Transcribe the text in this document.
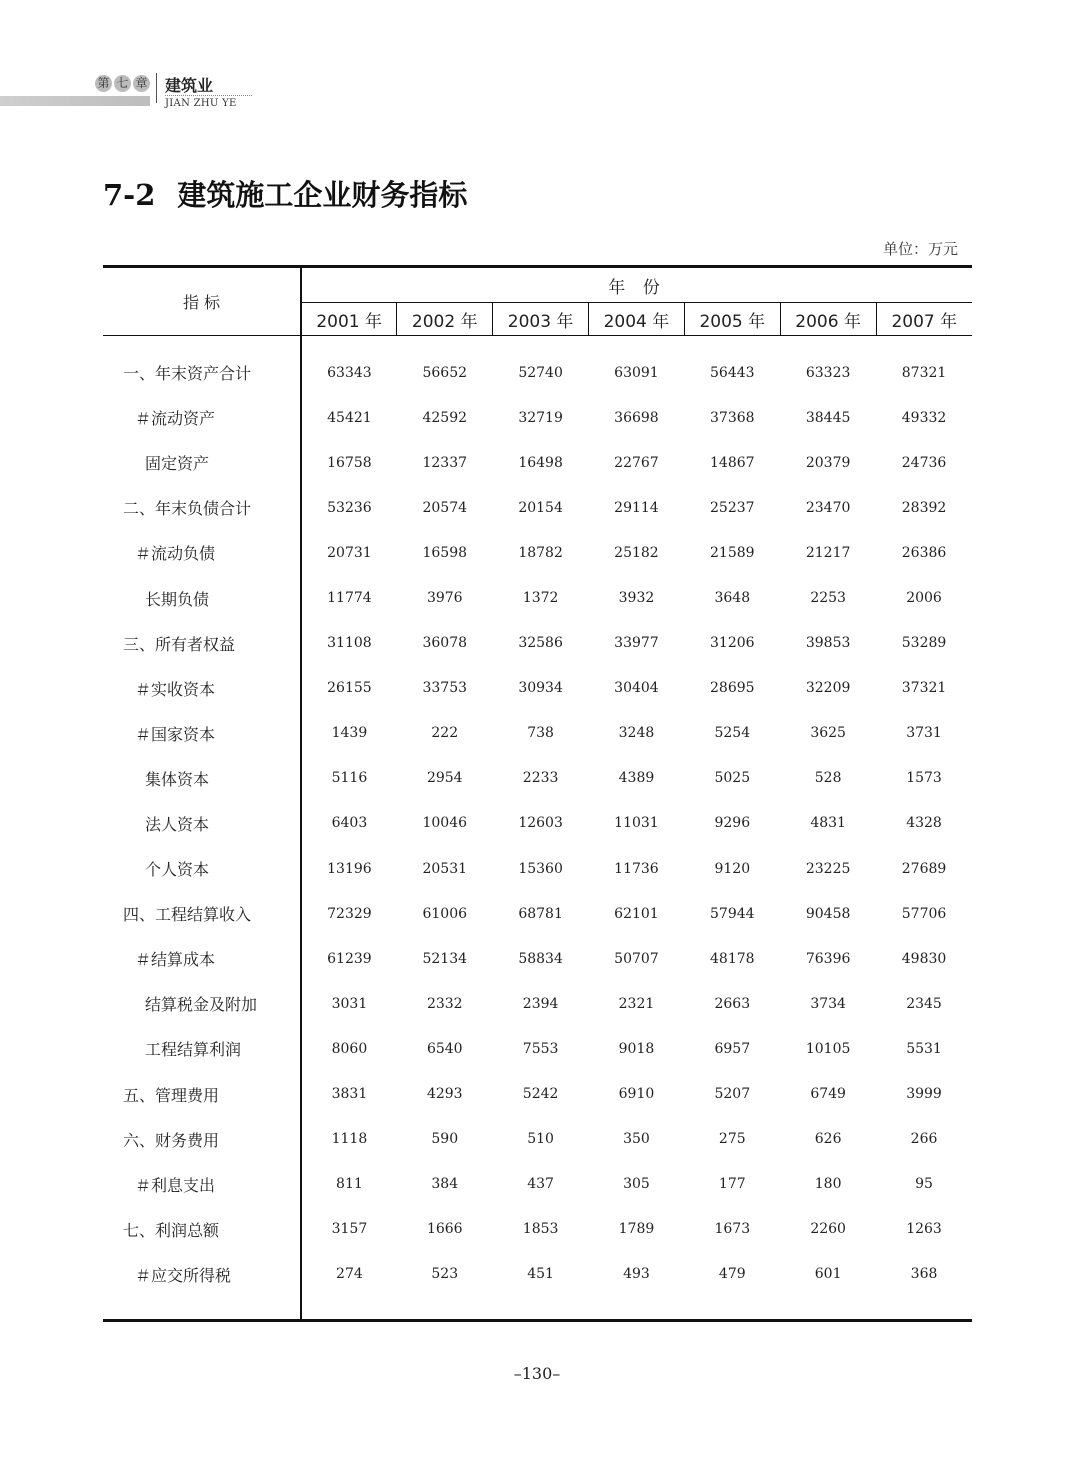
第 七 章 建筑业
JIAN ZHU YE
7-2 建筑施工企业财务指标
单位：万元
指 标	年 份						
	2001 年	2002 年	2003 年	2004 年	2005 年	2006 年	2007 年
一、年末资产合计	63343	56652	52740	63091	56443	63323	87321
＃流动资产	45421	42592	32719	36698	37368	38445	49332
固定资产	16758	12337	16498	22767	14867	20379	24736
二、年末负债合计	53236	20574	20154	29114	25237	23470	28392
＃流动负债	20731	16598	18782	25182	21589	21217	26386
长期负债	11774	3976	1372	3932	3648	2253	2006
三、所有者权益	31108	36078	32586	33977	31206	39853	53289
＃实收资本	26155	33753	30934	30404	28695	32209	37321
＃国家资本	1439	222	738	3248	5254	3625	3731
集体资本	5116	2954	2233	4389	5025	528	1573
法人资本	6403	10046	12603	11031	9296	4831	4328
个人资本	13196	20531	15360	11736	9120	23225	27689
四、工程结算收入	72329	61006	68781	62101	57944	90458	57706
＃结算成本	61239	52134	58834	50707	48178	76396	49830
结算税金及附加	3031	2332	2394	2321	2663	3734	2345
工程结算利润	8060	6540	7553	9018	6957	10105	5531
五、管理费用	3831	4293	5242	6910	5207	6749	3999
六、财务费用	1118	590	510	350	275	626	266
＃利息支出	811	384	437	305	177	180	95
七、利润总额	3157	1666	1853	1789	1673	2260	1263
＃应交所得税	274	523	451	493	479	601	368

–130–
